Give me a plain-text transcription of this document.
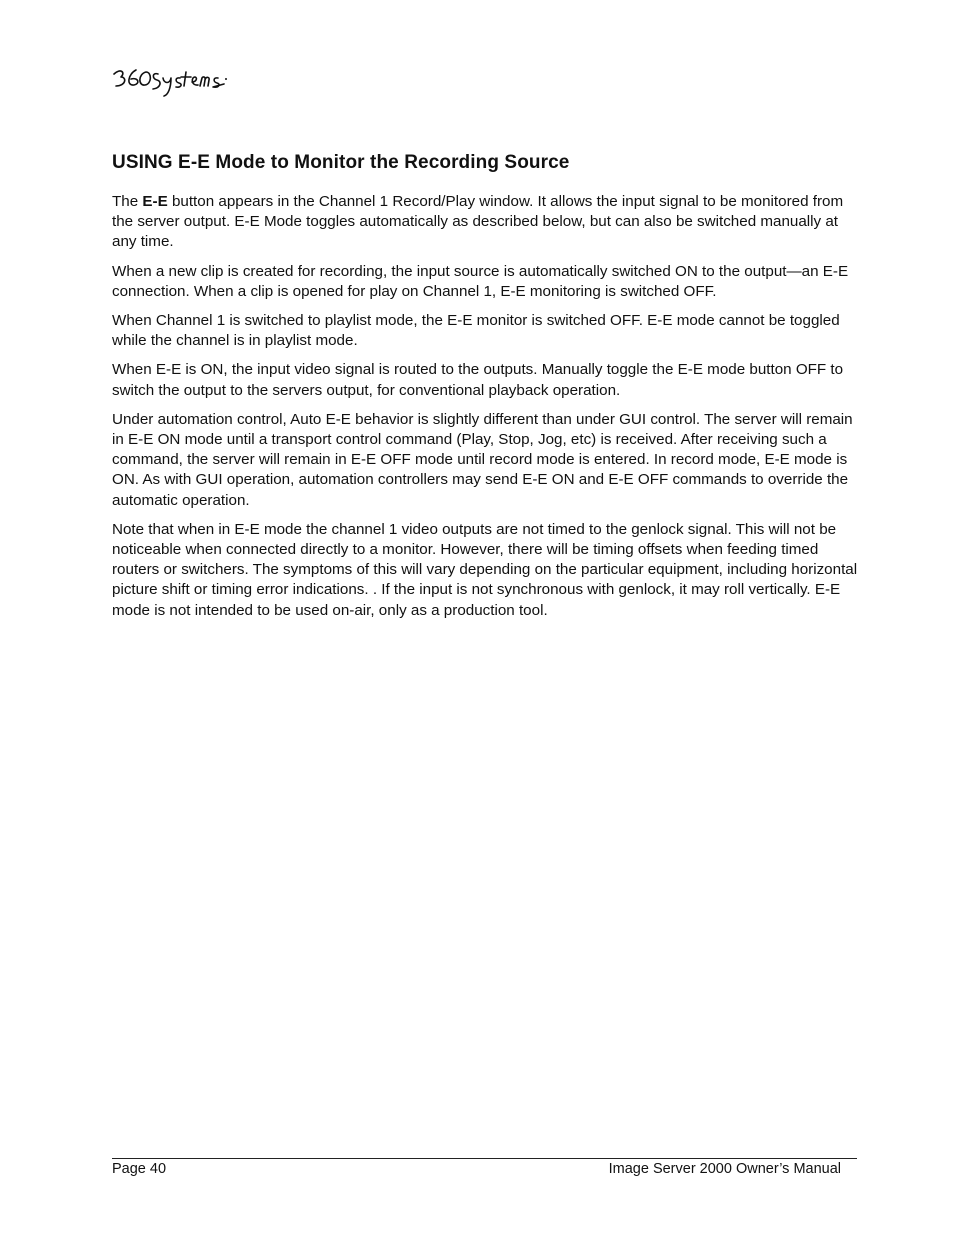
USING E-E Mode to Monitor the Recording Source

The E-E button appears in the Channel 1 Record/Play window. It allows the input signal to be monitored from the server output. E-E Mode toggles automatically as described below, but can also be switched manually at any time.

When a new clip is created for recording, the input source is automatically switched ON to the output—an E-E connection. When a clip is opened for play on Channel 1, E-E monitoring is switched OFF.

When Channel 1 is switched to playlist mode, the E-E monitor is switched OFF. E-E mode cannot be toggled while the channel is in playlist mode.

When E-E is ON, the input video signal is routed to the outputs. Manually toggle the E-E mode button OFF to switch the output to the servers output, for conventional playback operation.

Under automation control, Auto E-E behavior is slightly different than under GUI control. The server will remain in E-E ON mode until a transport control command (Play, Stop, Jog, etc) is received. After receiving such a command, the server will remain in E-E OFF mode until record mode is entered. In record mode, E-E mode is ON. As with GUI operation, automation controllers may send E-E ON and E-E OFF commands to override the automatic operation.

Note that when in E-E mode the channel 1 video outputs are not timed to the genlock signal. This will not be noticeable when connected directly to a monitor. However, there will be timing offsets when feeding timed routers or switchers. The symptoms of this will vary depending on the particular equipment, including horizontal picture shift or timing error indications. . If the input is not synchronous with genlock, it may roll vertically. E-E mode is not intended to be used on-air, only as a production tool.

Page 40	Image Server 2000 Owner’s Manual
